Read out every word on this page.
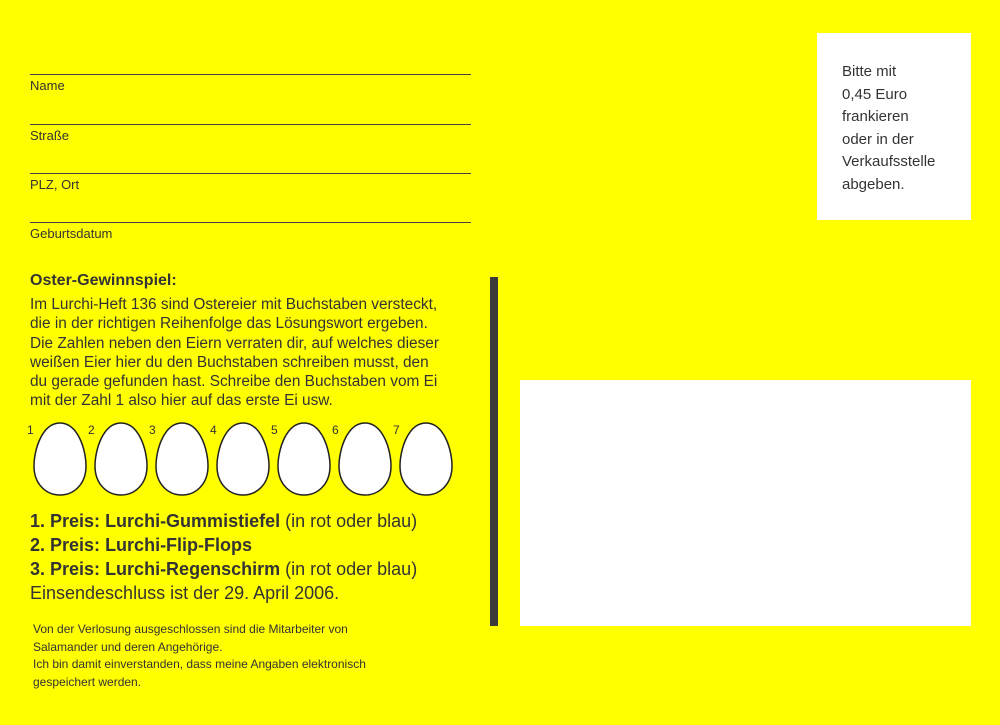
Name
Straße
PLZ, Ort
Geburtsdatum
Oster-Gewinnspiel:
Im Lurchi-Heft 136 sind Ostereier mit Buchstaben versteckt,
die in der richtigen Reihenfolge das Lösungswort ergeben.
Die Zahlen neben den Eiern verraten dir, auf welches dieser
weißen Eier hier du den Buchstaben schreiben musst, den
du gerade gefunden hast. Schreibe den Buchstaben vom Ei
mit der Zahl 1 also hier auf das erste Ei usw.
1	2	3	4	5	6	7
1. Preis: Lurchi-Gummistiefel (in rot oder blau)
2. Preis: Lurchi-Flip-Flops
3. Preis: Lurchi-Regenschirm (in rot oder blau)
Einsendeschluss ist der 29. April 2006.
Von der Verlosung ausgeschlossen sind die Mitarbeiter von
Salamander und deren Angehörige.
Ich bin damit einverstanden, dass meine Angaben elektronisch
gespeichert werden.
Bitte mit
0,45 Euro
frankieren
oder in der
Verkaufsstelle
abgeben.
